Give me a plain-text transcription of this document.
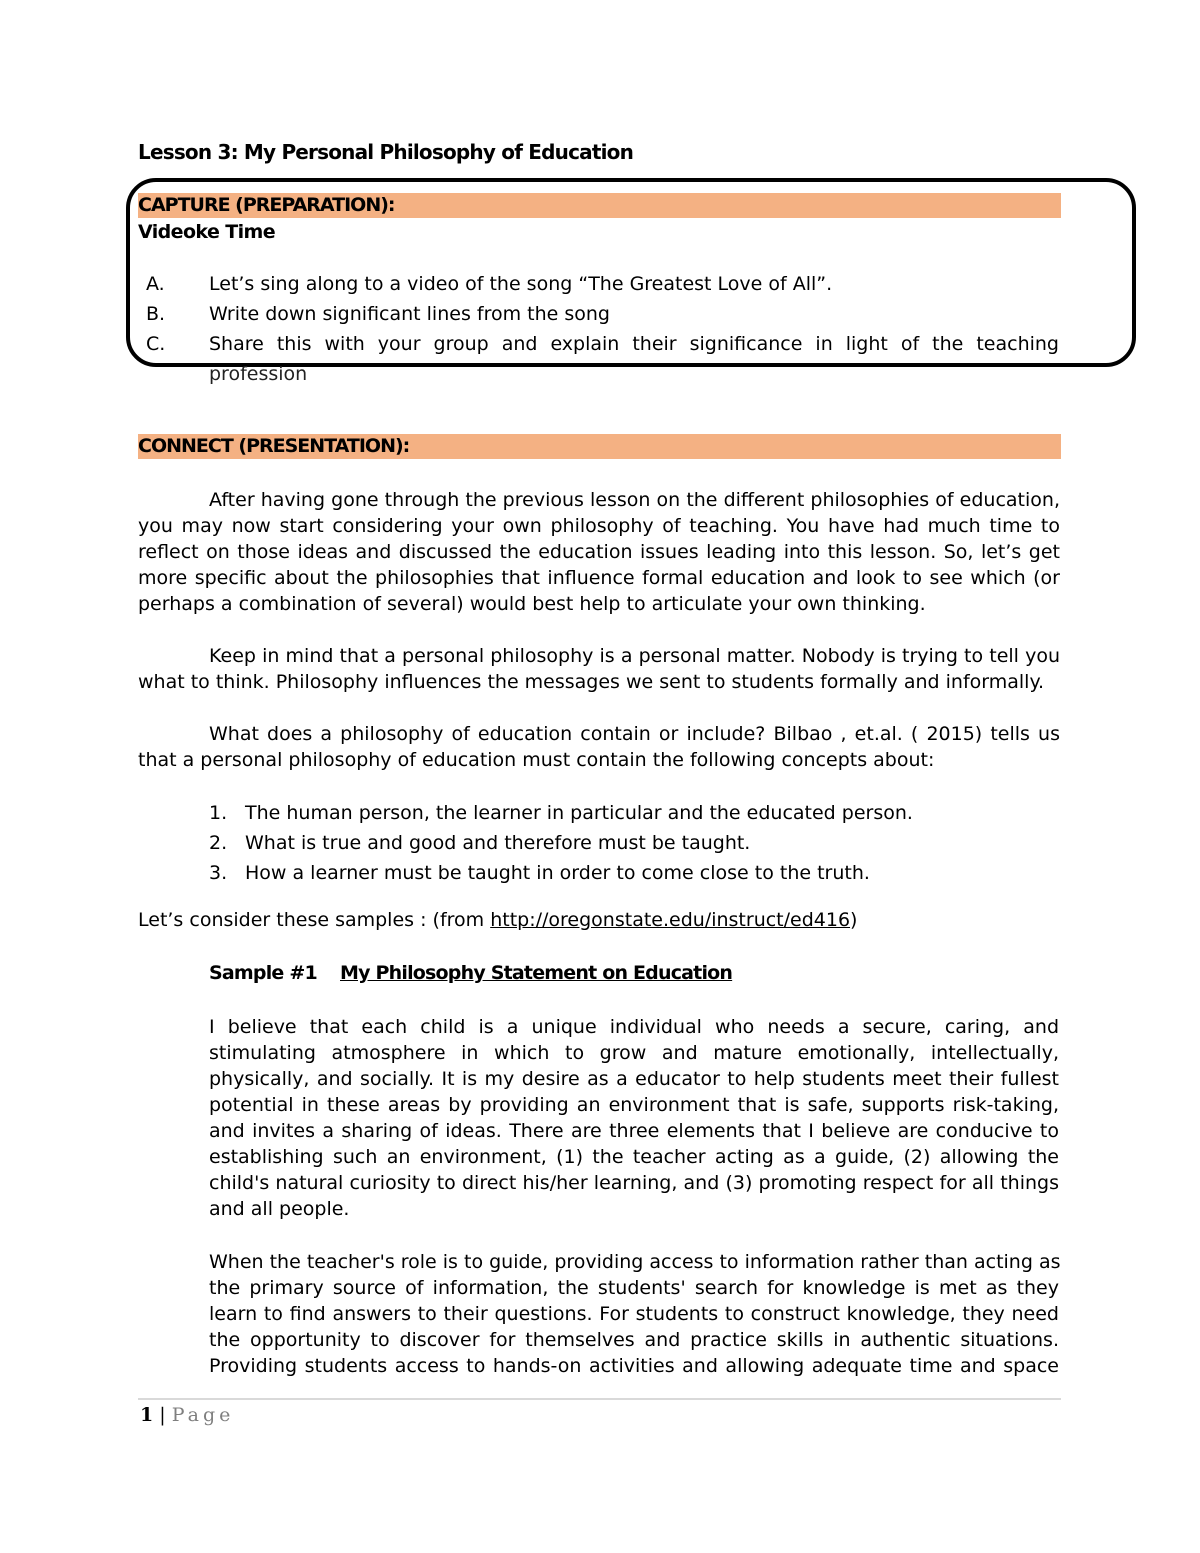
Lesson 3: My Personal Philosophy of Education
CAPTURE (PREPARATION):
Videoke Time
A. Let’s sing along to a video of the song “The Greatest Love of All”.
B. Write down significant lines from the song
C. Share this with your group and explain their significance in light of the teaching
profession
CONNECT (PRESENTATION):
After having gone through the previous lesson on the different philosophies of education,
you may now start considering your own philosophy of teaching. You have had much time to
reflect on those ideas and discussed the education issues leading into this lesson. So, let’s get
more specific about the philosophies that influence formal education and look to see which (or
perhaps a combination of several) would best help to articulate your own thinking.
Keep in mind that a personal philosophy is a personal matter. Nobody is trying to tell you
what to think. Philosophy influences the messages we sent to students formally and informally.
What does a philosophy of education contain or include? Bilbao , et.al. ( 2015) tells us
that a personal philosophy of education must contain the following concepts about:
1. The human person, the learner in particular and the educated person.
2. What is true and good and therefore must be taught.
3. How a learner must be taught in order to come close to the truth.
Let’s consider these samples : (from http://oregonstate.edu/instruct/ed416)
Sample #1 My Philosophy Statement on Education
I believe that each child is a unique individual who needs a secure, caring, and
stimulating atmosphere in which to grow and mature emotionally, intellectually,
physically, and socially. It is my desire as a educator to help students meet their fullest
potential in these areas by providing an environment that is safe, supports risk-taking,
and invites a sharing of ideas. There are three elements that I believe are conducive to
establishing such an environment, (1) the teacher acting as a guide, (2) allowing the
child's natural curiosity to direct his/her learning, and (3) promoting respect for all things
and all people.
When the teacher's role is to guide, providing access to information rather than acting as
the primary source of information, the students' search for knowledge is met as they
learn to find answers to their questions. For students to construct knowledge, they need
the opportunity to discover for themselves and practice skills in authentic situations.
Providing students access to hands-on activities and allowing adequate time and space
1 | Page
